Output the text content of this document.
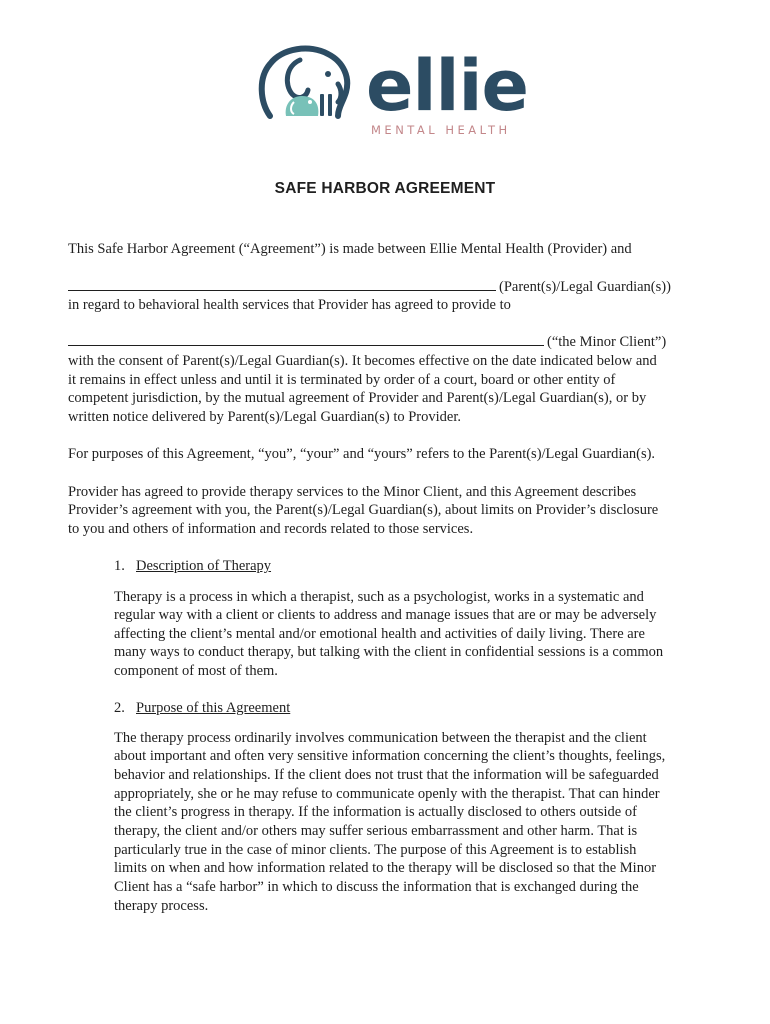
ellie
MENTAL HEALTH
SAFE HARBOR AGREEMENT
This Safe Harbor Agreement (“Agreement”) is made between Ellie Mental Health (Provider) and
(Parent(s)/Legal Guardian(s))
in regard to behavioral health services that Provider has agreed to provide to
(“the Minor Client”)
with the consent of Parent(s)/Legal Guardian(s). It becomes effective on the date indicated below and
it remains in effect unless and until it is terminated by order of a court, board or other entity of
competent jurisdiction, by the mutual agreement of Provider and Parent(s)/Legal Guardian(s), or by
written notice delivered by Parent(s)/Legal Guardian(s) to Provider.
For purposes of this Agreement, “you”, “your” and “yours” refers to the Parent(s)/Legal Guardian(s).
Provider has agreed to provide therapy services to the Minor Client, and this Agreement describes
Provider’s agreement with you, the Parent(s)/Legal Guardian(s), about limits on Provider’s disclosure
to you and others of information and records related to those services.
1. Description of Therapy
Therapy is a process in which a therapist, such as a psychologist, works in a systematic and
regular way with a client or clients to address and manage issues that are or may be adversely
affecting the client’s mental and/or emotional health and activities of daily living. There are
many ways to conduct therapy, but talking with the client in confidential sessions is a common
component of most of them.
2. Purpose of this Agreement
The therapy process ordinarily involves communication between the therapist and the client
about important and often very sensitive information concerning the client’s thoughts, feelings,
behavior and relationships. If the client does not trust that the information will be safeguarded
appropriately, she or he may refuse to communicate openly with the therapist. That can hinder
the client’s progress in therapy. If the information is actually disclosed to others outside of
therapy, the client and/or others may suffer serious embarrassment and other harm. That is
particularly true in the case of minor clients. The purpose of this Agreement is to establish
limits on when and how information related to the therapy will be disclosed so that the Minor
Client has a “safe harbor” in which to discuss the information that is exchanged during the
therapy process.
